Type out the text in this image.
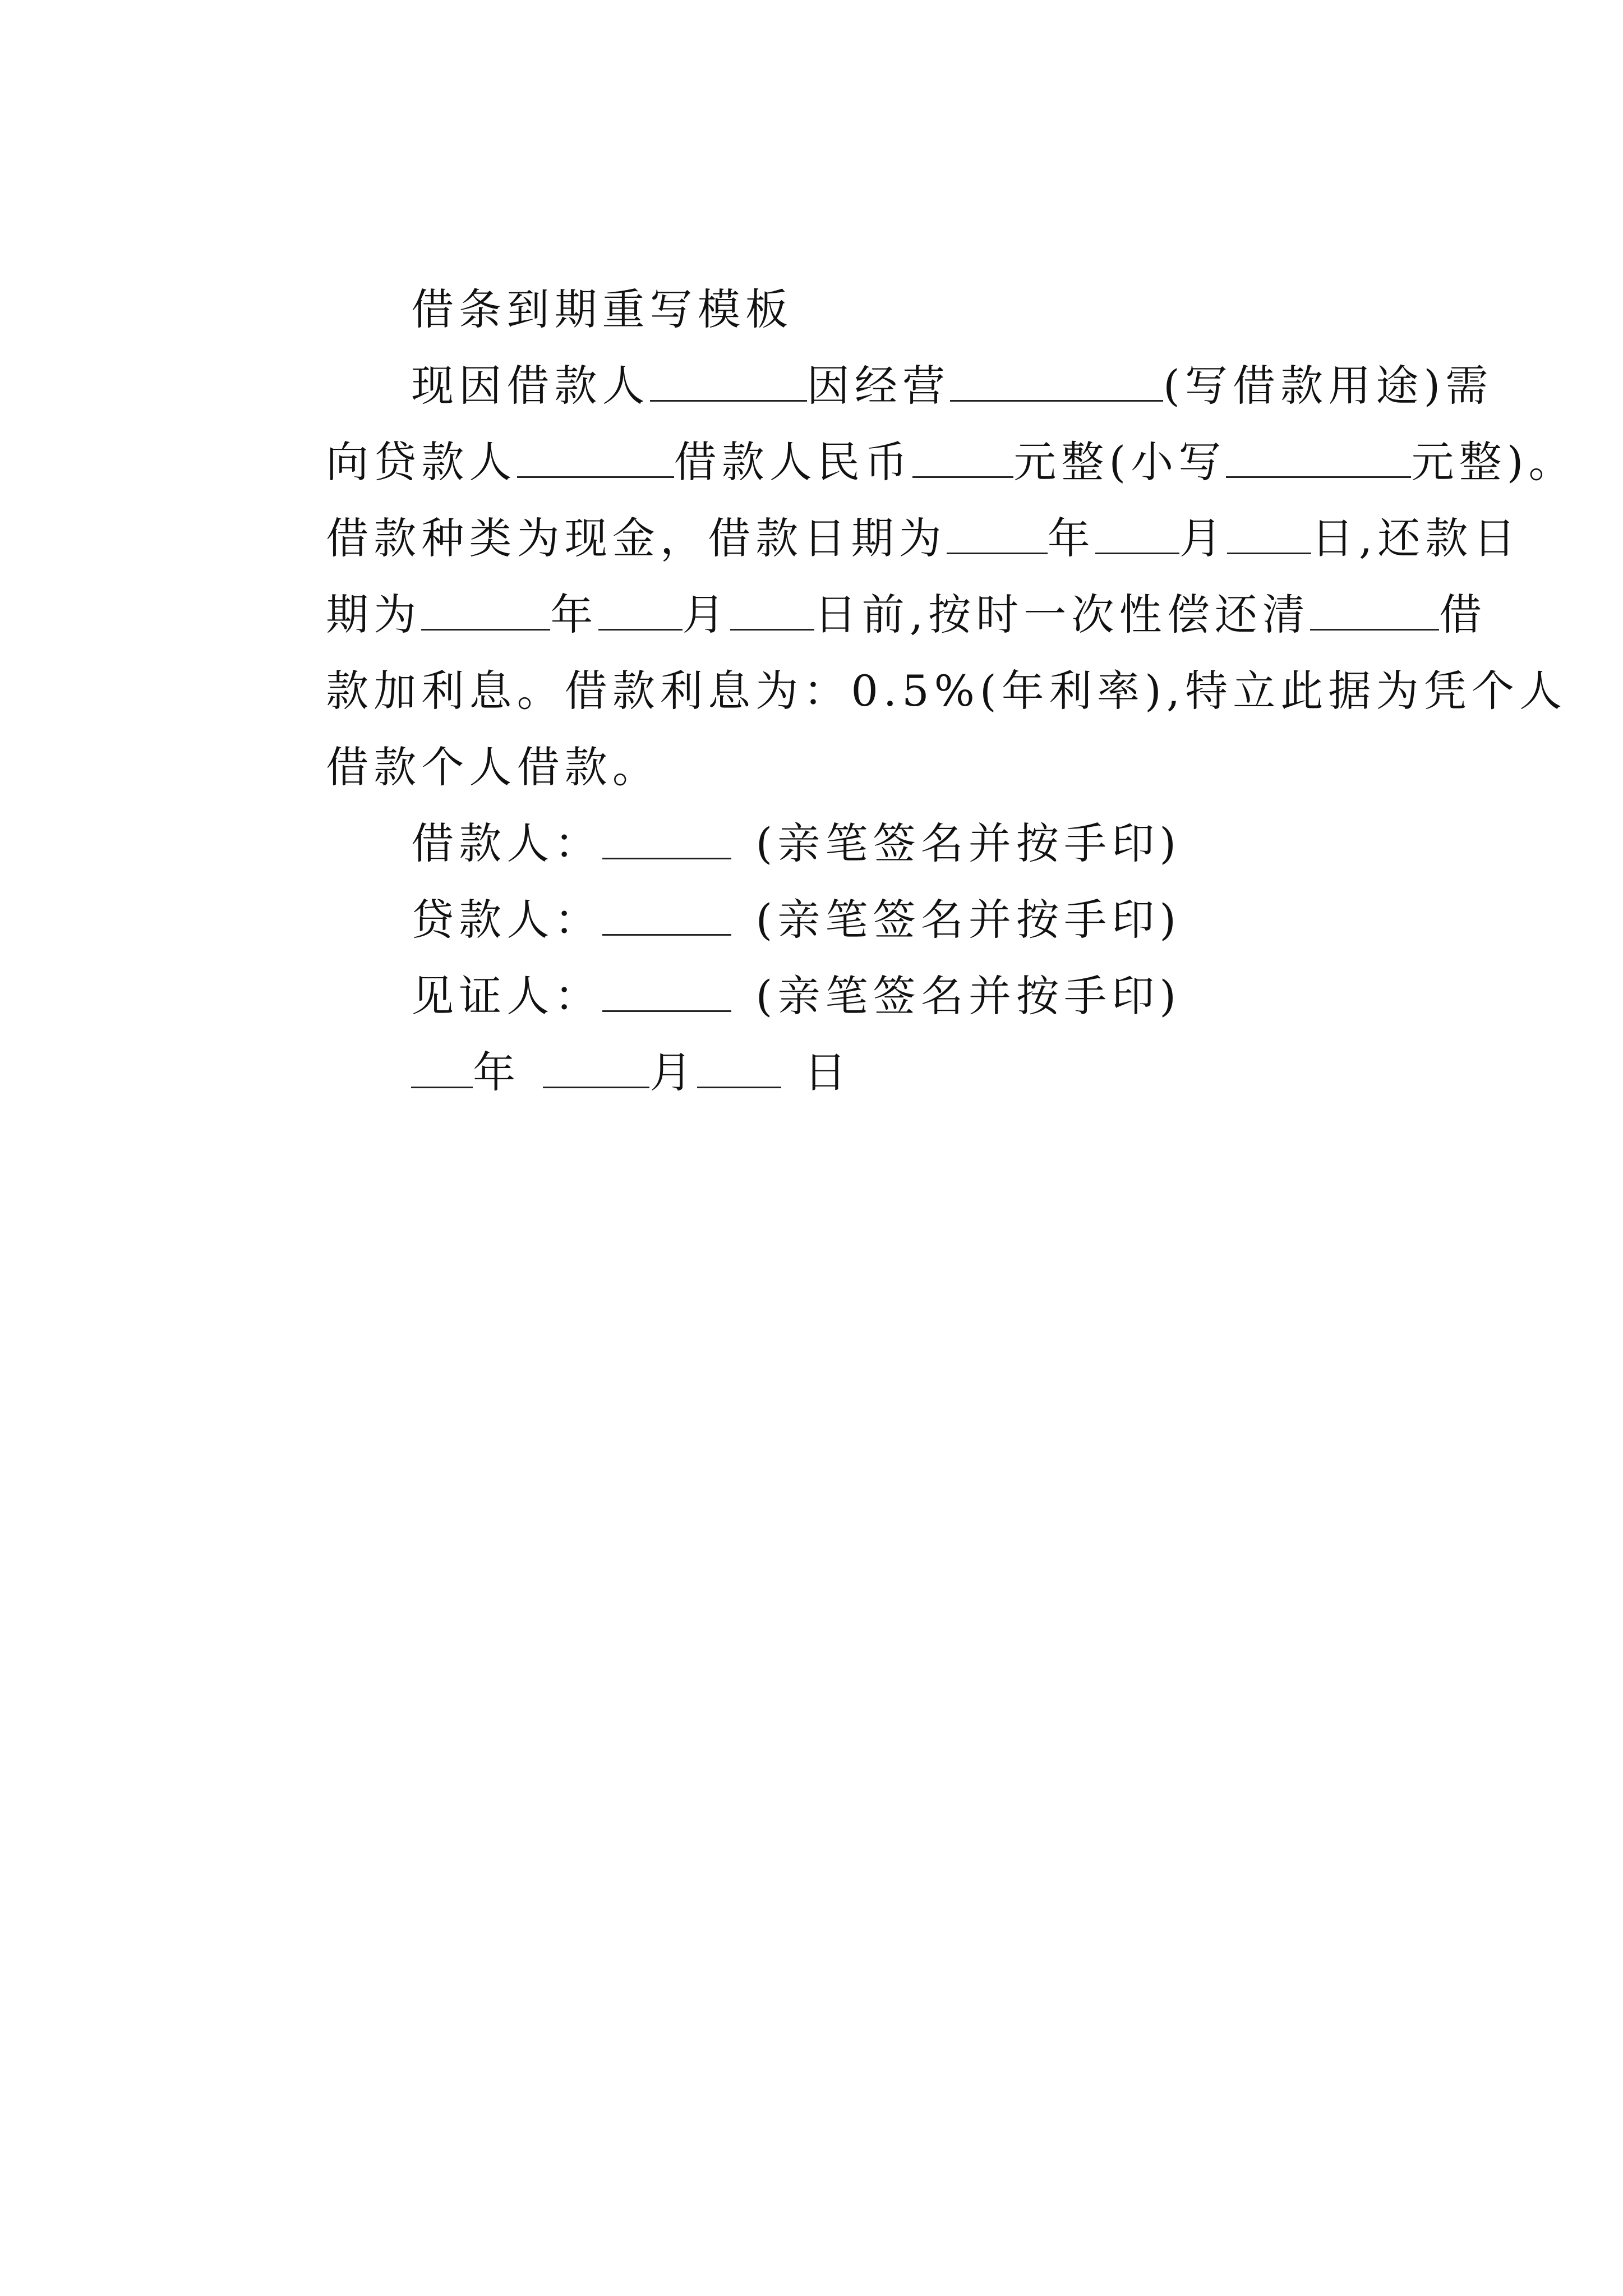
借条到期重写模板

现因借款人	因经营	(写借款用途)需

向贷款人	借款人民币 元整(小写	元整)。

借款种类为现金，借款日期为 年 月 日,还款日

期为	年 月 日前,按时一次性偿还清	借

款加利息。借款利息为：0.5%(年利率),特立此据为凭个人

借款个人借款。

借款人：	(亲笔签名并按手印)

贷款人：	(亲笔签名并按手印)

见证人：	(亲笔签名并按手印)

年	月	日
